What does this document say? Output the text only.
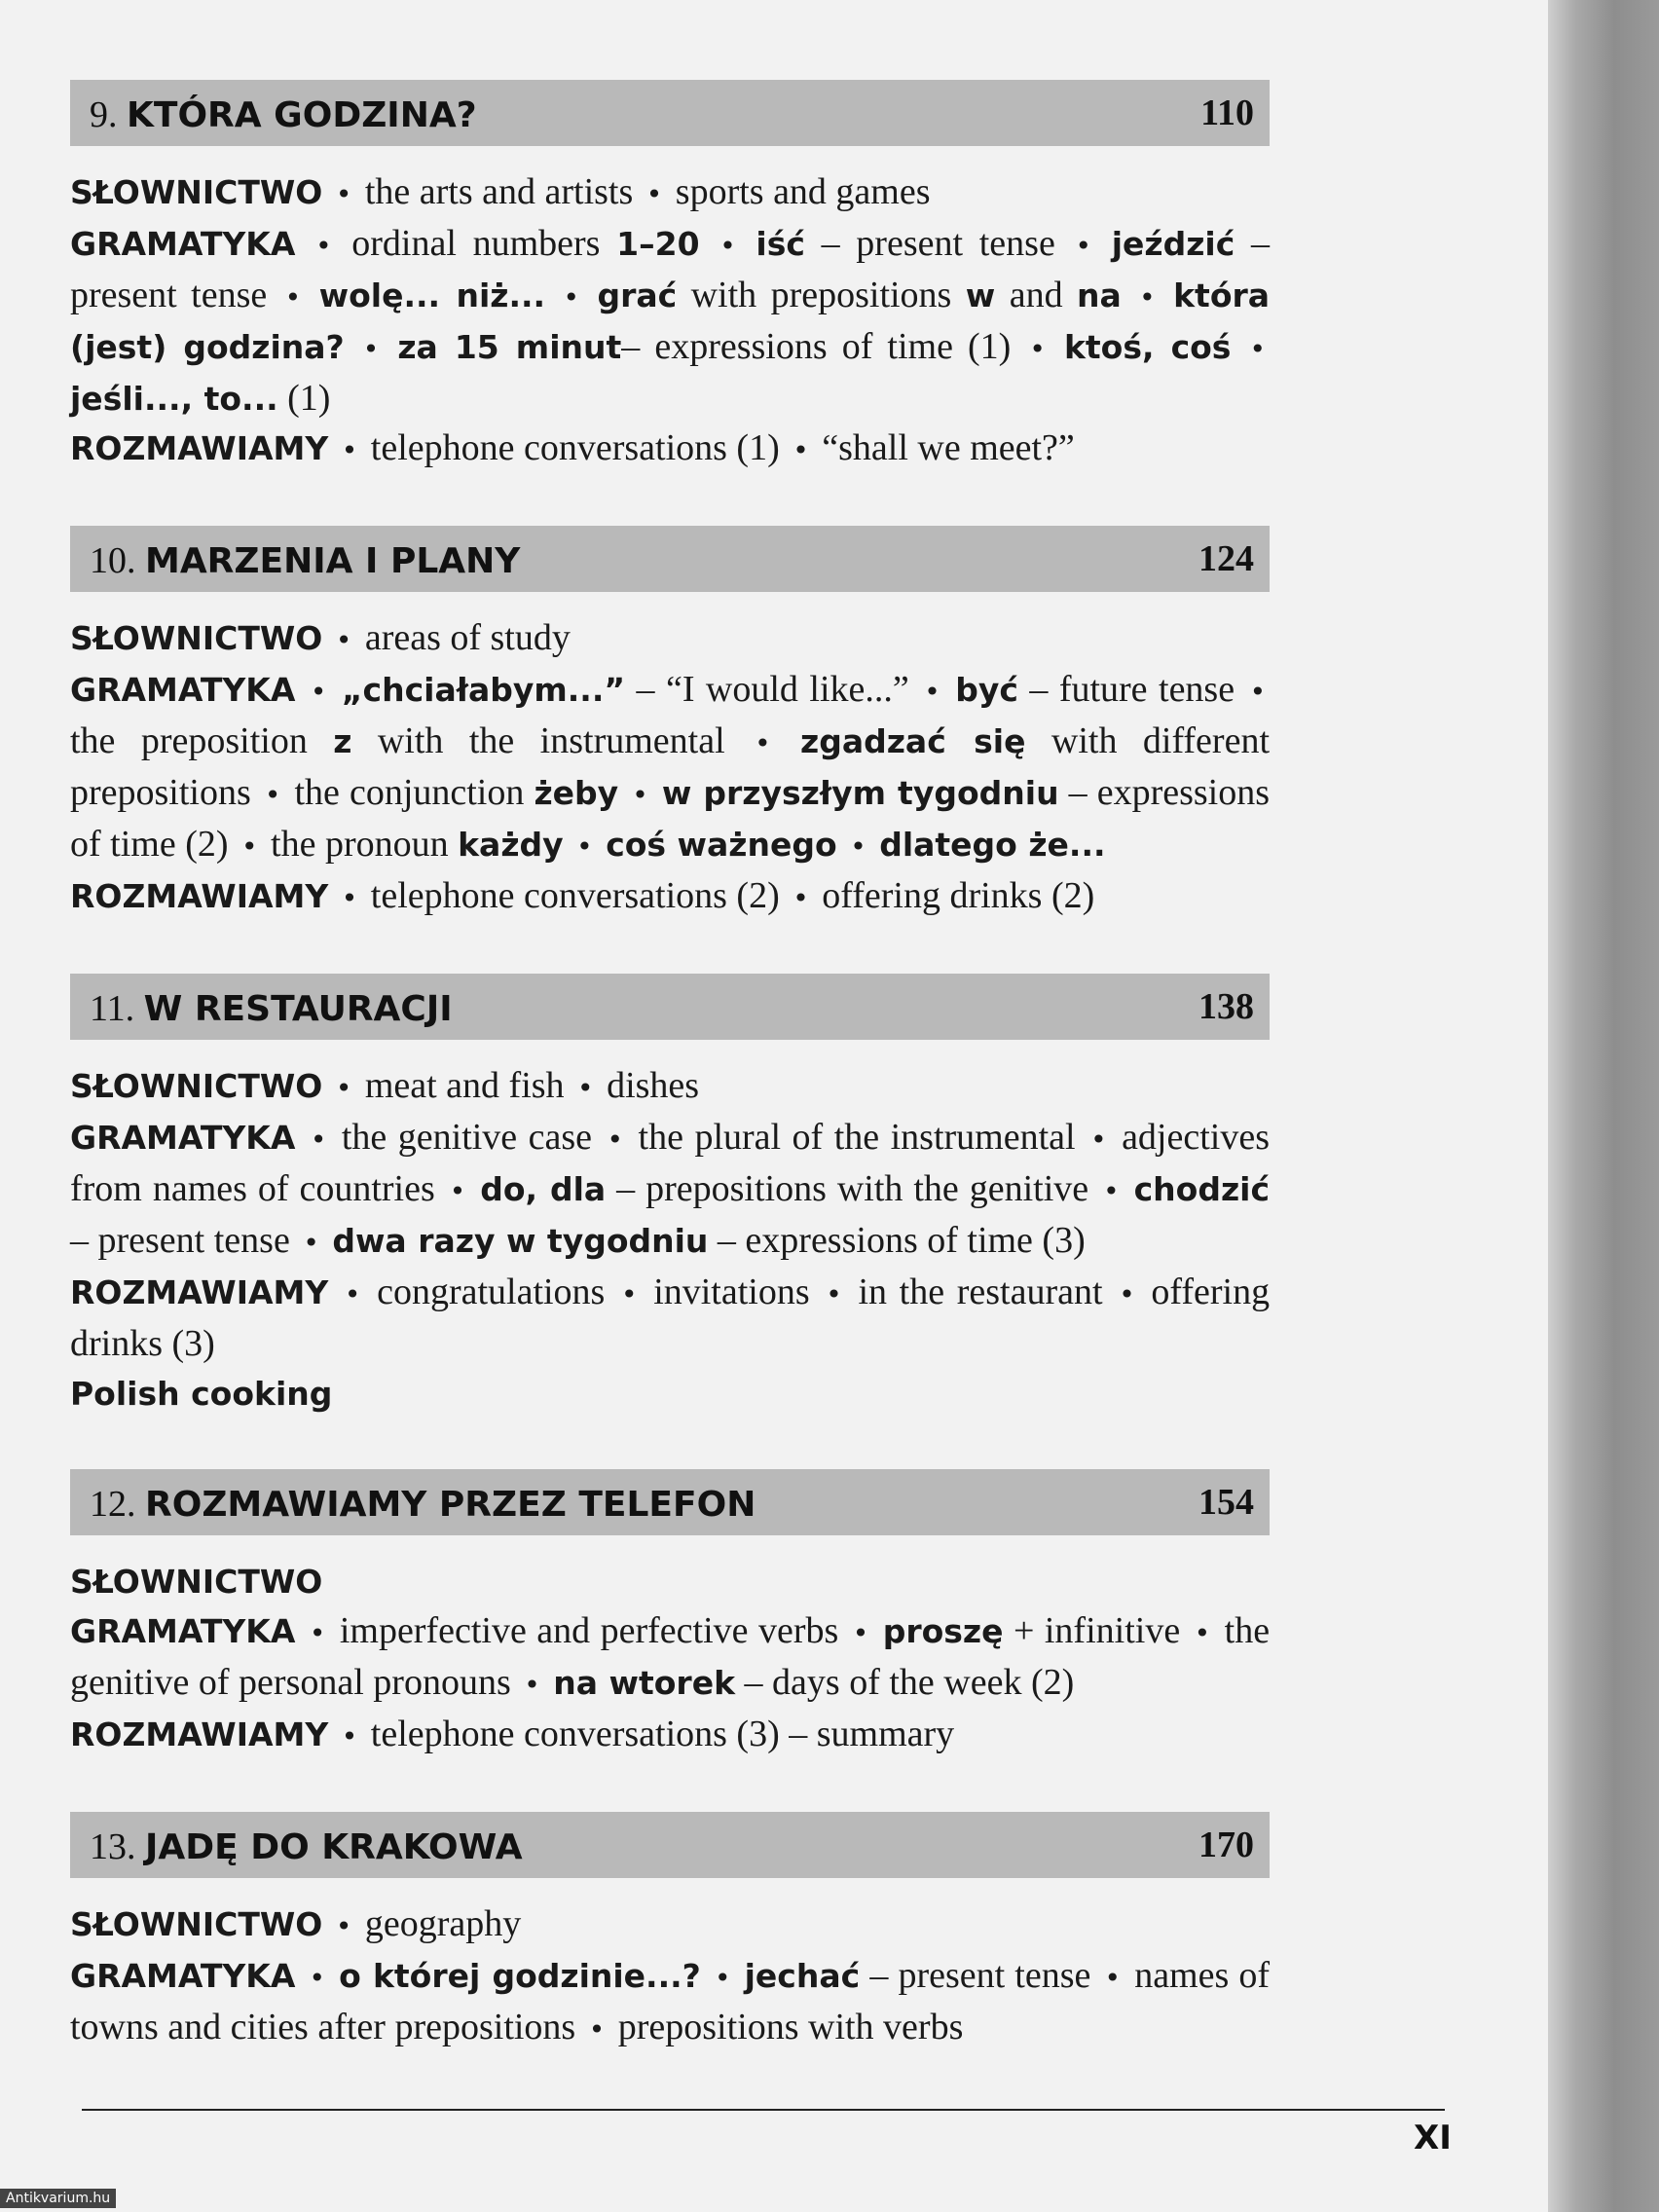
9. KTÓRA GODZINA?	110

SŁOWNICTWO • the arts and artists • sports and games

GRAMATYKA • ordinal numbers 1–20 • iść – present tense • jeździć – present tense • wolę... niż... • grać with prepositions w and na • która (jest) godzina? • za 15 minut– expressions of time (1) • ktoś, coś • jeśli..., to... (1)

ROZMAWIAMY • telephone conversations (1) • “shall we meet?”

10. MARZENIA I PLANY	124

SŁOWNICTWO • areas of study

GRAMATYKA • „chciałabym...” – “I would like...” • być – future tense • the preposition z with the instrumental • zgadzać się with different prepositions • the conjunction żeby • w przyszłym tygodniu – expressions of time (2) • the pronoun każdy • coś ważnego • dlatego że...

ROZMAWIAMY • telephone conversations (2) • offering drinks (2)

11. W RESTAURACJI	138

SŁOWNICTWO • meat and fish • dishes

GRAMATYKA • the genitive case • the plural of the instrumental • adjectives from names of countries • do, dla – prepositions with the genitive • chodzić – present tense • dwa razy w tygodniu – expressions of time (3)

ROZMAWIAMY • congratulations • invitations • in the restaurant • offering drinks (3)

Polish cooking

12. ROZMAWIAMY PRZEZ TELEFON	154

SŁOWNICTWO

GRAMATYKA • imperfective and perfective verbs • proszę + infinitive • the genitive of personal pronouns • na wtorek – days of the week (2)

ROZMAWIAMY • telephone conversations (3) – summary

13. JADĘ DO KRAKOWA	170

SŁOWNICTWO • geography

GRAMATYKA • o której godzinie...? • jechać – present tense • names of towns and cities after prepositions • prepositions with verbs

XI
Antikvarium.hu
